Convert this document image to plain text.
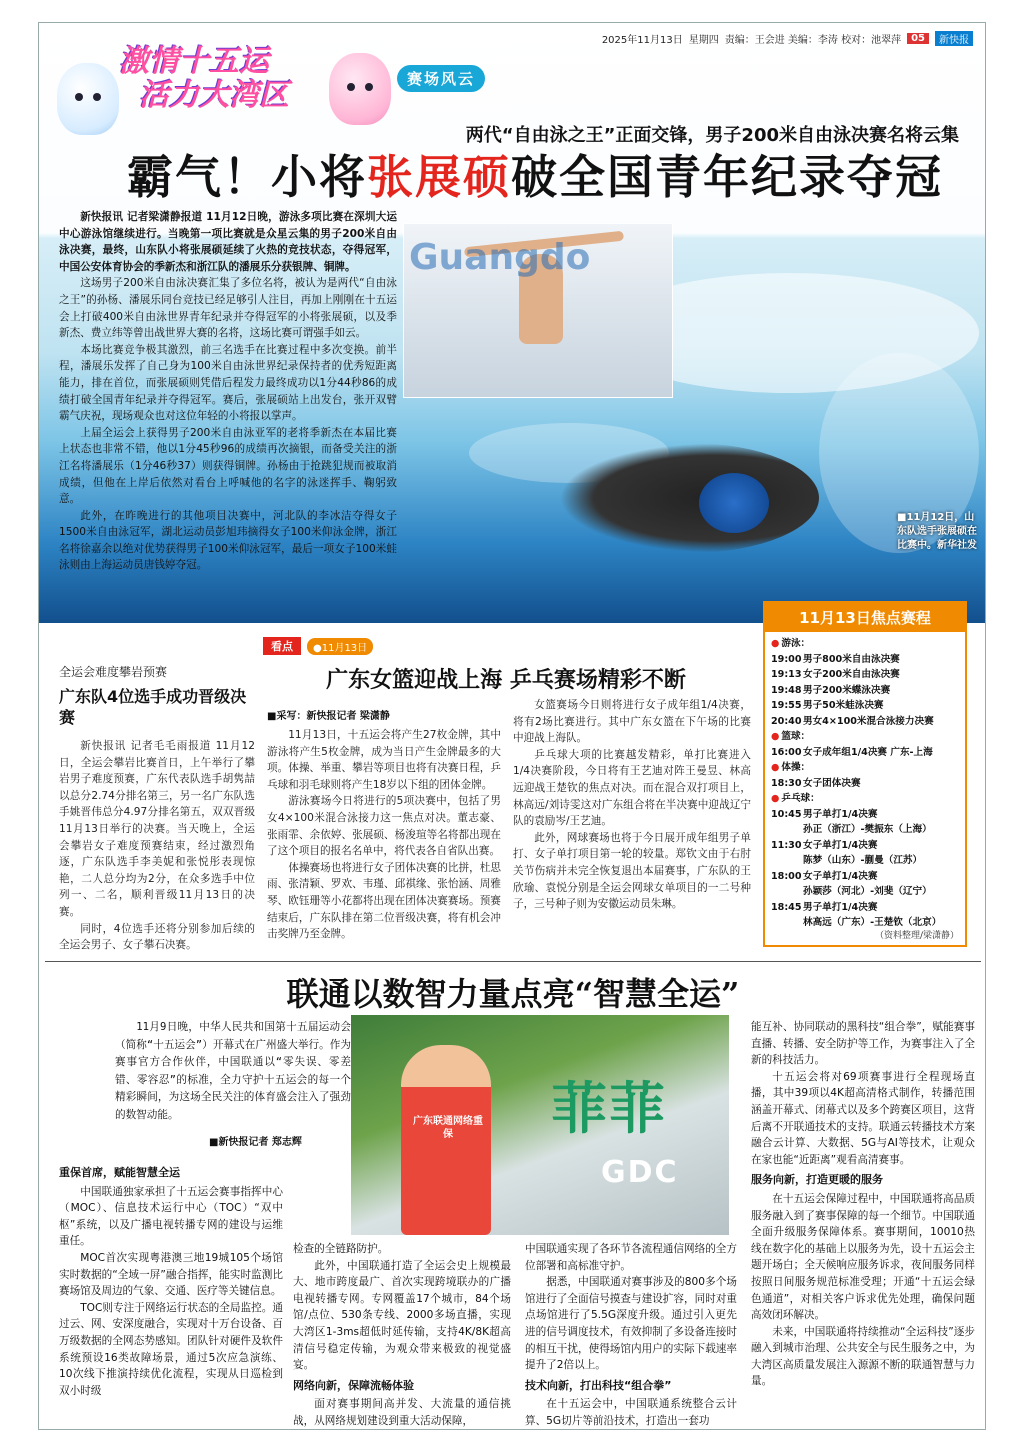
2025年11月13日 星期四 责编：王会进 美编：李涛 校对：池翠萍	05	新快报
激情十五运
活力大湾区	赛场风云
两代“自由泳之王”正面交锋，男子200米自由泳决赛名将云集
霸气！小将张展硕破全国青年纪录夺冠
Guangdo

新快报讯 记者梁潇静报道 11月12日晚，游泳多项比赛在深圳大运中心游泳馆继续进行。当晚第一项比赛就是众星云集的男子200米自由泳决赛，最终，山东队小将张展硕延续了火热的竞技状态，夺得冠军，中国公安体育协会的季新杰和浙江队的潘展乐分获银牌、铜牌。

这场男子200米自由泳决赛汇集了多位名将，被认为是两代“自由泳之王”的孙杨、潘展乐同台竞技已经足够引人注目，再加上刚刚在十五运会上打破400米自由泳世界青年纪录并夺得冠军的小将张展硕，以及季新杰、费立纬等曾出战世界大赛的名将，这场比赛可谓强手如云。

本场比赛竞争极其激烈，前三名选手在比赛过程中多次变换。前半程，潘展乐发挥了自己身为100米自由泳世界纪录保持者的优秀短距离能力，排在首位，而张展硕则凭借后程发力最终成功以1分44秒86的成绩打破全国青年纪录并夺得冠军。赛后，张展硕站上出发台，张开双臂霸气庆祝，现场观众也对这位年轻的小将报以掌声。

上届全运会上获得男子200米自由泳亚军的老将季新杰在本届比赛上状态也非常不错，他以1分45秒96的成绩再次摘银，而备受关注的浙江名将潘展乐（1分46秒37）则获得铜牌。孙杨由于抢跳犯规而被取消成绩，但他在上岸后依然对看台上呼喊他的名字的泳迷挥手、鞠躬致意。

此外，在昨晚进行的其他项目决赛中，河北队的李冰洁夺得女子1500米自由泳冠军，湖北运动员彭旭玮摘得女子100米仰泳金牌，浙江名将徐嘉余以绝对优势获得男子100米仰泳冠军，最后一项女子100米蛙泳则由上海运动员唐钱婷夺冠。

■11月12日，山东队选手张展硕在比赛中。新华社发
11月13日焦点赛程
● 游泳：
19:00 男子800米自由泳决赛
19:13 女子200米自由泳决赛
19:48 男子200米蝶泳决赛
19:55 男子50米蛙泳决赛
20:40 男女4×100米混合泳接力决赛
● 篮球：
16:00 女子成年组1/4决赛 广东-上海
● 体操：
18:30 女子团体决赛
● 乒乓球：
10:45 男子单打1/4决赛
孙正（浙江）-樊振东（上海）
11:30 女子单打1/4决赛
陈梦（山东）-蒯曼（江苏）
18:00 女子单打1/4决赛
孙颖莎（河北）-刘斐（辽宁）
18:45 男子单打1/4决赛
林高远（广东）-王楚钦（北京）
（资料整理/梁潇静）
全运会难度攀岩预赛
广东队4位选手成功晋级决赛

新快报讯 记者毛毛雨报道 11月12日，全运会攀岩比赛首日，上午举行了攀岩男子难度预赛，广东代表队选手胡隽喆以总分2.74分排名第三，另一名广东队选手姚晋伟总分4.97分排名第五，双双晋级11月13日举行的决赛。当天晚上，全运会攀岩女子难度预赛结束，经过激烈角逐，广东队选手李美妮和张悦彤表现惊艳，二人总分均为2分，在众多选手中位列一、二名，顺利晋级11月13日的决赛。

同时，4位选手还将分别参加后续的全运会男子、女子攀石决赛。

看点	●11月13日
广东女篮迎战上海 乒乓赛场精彩不断
■采写：新快报记者 梁潇静

11月13日，十五运会将产生27枚金牌，其中游泳将产生5枚金牌，成为当日产生金牌最多的大项。体操、举重、攀岩等项目也将有决赛日程，乒乓球和羽毛球则将产生18岁以下组的团体金牌。

游泳赛场今日将进行的5项决赛中，包括了男女4×100米混合泳接力这一焦点对决。董志豪、张雨霏、余依婷、张展硕、杨浚瑄等名将都出现在了这个项目的报名名单中，将代表各自省队出赛。

体操赛场也将进行女子团体决赛的比拼，杜思雨、张清颖、罗欢、韦瑾、邱祺缘、张怡涵、周雅琴、欧钰珊等小花都将出现在团体决赛赛场。预赛结束后，广东队排在第二位晋级决赛，将有机会冲击奖牌乃至金牌。

女篮赛场今日则将进行女子成年组1/4决赛，将有2场比赛进行。其中广东女篮在下午场的比赛中迎战上海队。

乒乓球大项的比赛越发精彩，单打比赛进入1/4决赛阶段，今日将有王艺迪对阵王曼昱、林高远迎战王楚钦的焦点对决。而在混合双打项目上，林高远/刘诗雯这对广东组合将在半决赛中迎战辽宁队的袁励岑/王艺迪。

此外，网球赛场也将于今日展开成年组男子单打、女子单打项目第一轮的较量。郑钦文由于右肘关节伤病并未完全恢复退出本届赛事，广东队的王欣瑜、袁悦分别是全运会网球女单项目的一二号种子，三号种子则为安徽运动员朱琳。

联通以数智力量点亮“智慧全运”

11月9日晚，中华人民共和国第十五届运动会（简称“十五运会”）开幕式在广州盛大举行。作为赛事官方合作伙伴，中国联通以“零失误、零差错、零容忍”的标准，全力守护十五运会的每一个精彩瞬间，为这场全民关注的体育盛会注入了强劲的数智动能。

■新快报记者 郑志辉
广东联通网络重保	菲菲
GDC
重保首席，赋能智慧全运

中国联通独家承担了十五运会赛事指挥中心（MOC）、信息技术运行中心（TOC）“双中枢”系统，以及广播电视转播专网的建设与运维重任。

MOC首次实现粤港澳三地19城105个场馆实时数据的“全域一屏”融合指挥，能实时监测比赛场馆及周边的气象、交通、医疗等关键信息。

TOC则专注于网络运行状态的全局监控。通过云、网、安深度融合，实现对十万台设备、百万级数据的全网态势感知。团队针对硬件及软件系统预设16类故障场景，通过5次应急演练、10次线下推演持续优化流程，实现从日巡检到双小时级

检查的全链路防护。

此外，中国联通打造了全运会史上规模最大、地市跨度最广、首次实现跨境联办的广播电视转播专网。专网覆盖17个城市，84个场馆/点位、530条专线、2000多场直播，实现大湾区1-3ms超低时延传输，支持4K/8K超高清信号稳定传输，为观众带来极致的视觉盛宴。

网络向新，保障流畅体验

面对赛事期间高并发、大流量的通信挑战，从网络规划建设到重大活动保障，

中国联通实现了各环节各流程通信网络的全方位部署和高标准守护。

据悉，中国联通对赛事涉及的800多个场馆进行了全面信号摸查与建设扩容，同时对重点场馆进行了5.5G深度升级。通过引入更先进的信号调度技术，有效抑制了多设备连接时的相互干扰，使得场馆内用户的实际下载速率提升了2倍以上。

技术向新，打出科技“组合拳”

在十五运会中，中国联通系统整合云计算、5G切片等前沿技术，打造出一套功

能互补、协同联动的黑科技“组合拳”，赋能赛事直播、转播、安全防护等工作，为赛事注入了全新的科技活力。

十五运会将对69项赛事进行全程现场直播，其中39项以4K超高清格式制作，转播范围涵盖开幕式、闭幕式以及多个跨赛区项目，这背后离不开联通技术的支持。联通云转播技术方案融合云计算、大数据、5G与AI等技术，让观众在家也能“近距离”观看高清赛事。

服务向新，打造更暖的服务

在十五运会保障过程中，中国联通将高品质服务融入到了赛事保障的每一个细节。中国联通全面升级服务保障体系。赛事期间，10010热线在数字化的基础上以服务为先，设十五运会主题开场白；全天候响应服务诉求，夜间服务同样按照日间服务规范标准受理；开通“十五运会绿色通道”，对相关客户诉求优先处理，确保问题高效闭环解决。

未来，中国联通将持续推动“全运科技”逐步融入到城市治理、公共安全与民生服务之中，为大湾区高质量发展注入源源不断的联通智慧与力量。
